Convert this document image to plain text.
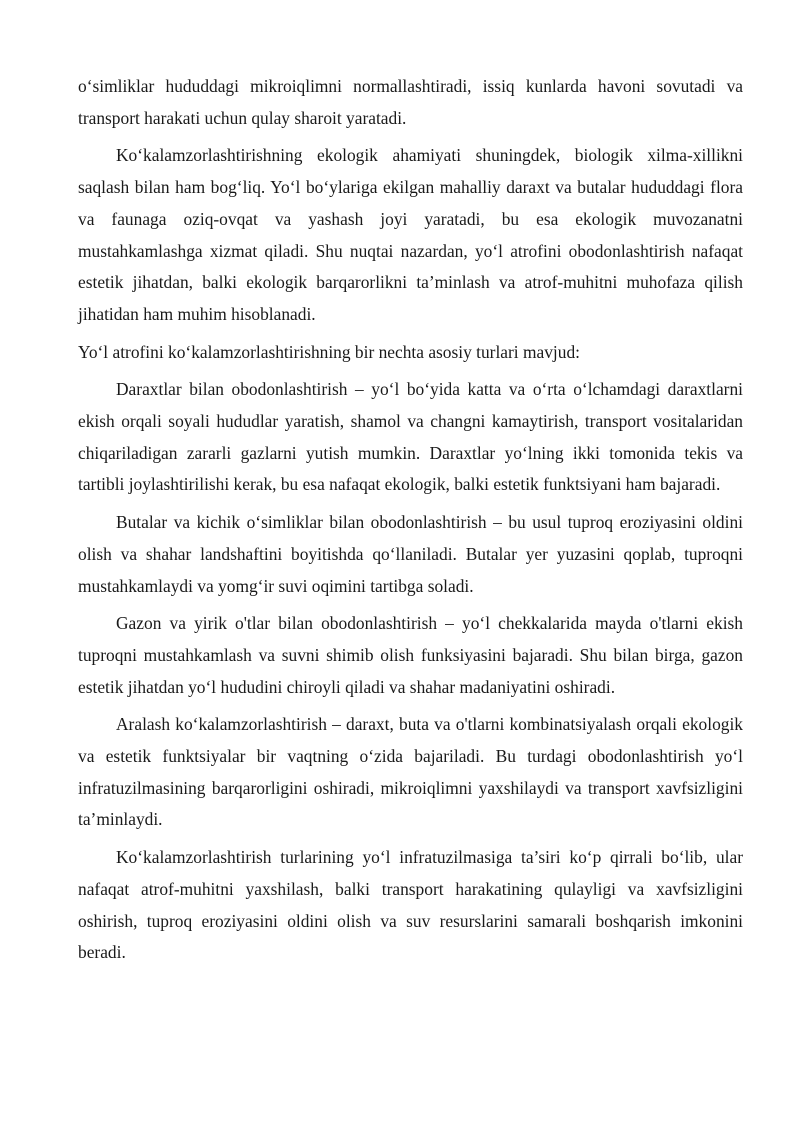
o‘simliklar hududdagi mikroiqlimni normallashtiradi, issiq kunlarda havoni sovutadi va transport harakati uchun qulay sharoit yaratadi.

Ko‘kalamzorlashtirishning ekologik ahamiyati shuningdek, biologik xilma-xillikni saqlash bilan ham bog‘liq. Yo‘l bo‘ylariga ekilgan mahalliy daraxt va butalar hududdagi flora va faunaga oziq-ovqat va yashash joyi yaratadi, bu esa ekologik muvozanatni mustahkamlashga xizmat qiladi. Shu nuqtai nazardan, yo‘l atrofini obodonlashtirish nafaqat estetik jihatdan, balki ekologik barqarorlikni ta’minlash va atrof-muhitni muhofaza qilish jihatidan ham muhim hisoblanadi.

Yo‘l atrofini ko‘kalamzorlashtirishning bir nechta asosiy turlari mavjud:

Daraxtlar bilan obodonlashtirish – yo‘l bo‘yida katta va o‘rta o‘lchamdagi daraxtlarni ekish orqali soyali hududlar yaratish, shamol va changni kamaytirish, transport vositalaridan chiqariladigan zararli gazlarni yutish mumkin. Daraxtlar yo‘lning ikki tomonida tekis va tartibli joylashtirilishi kerak, bu esa nafaqat ekologik, balki estetik funktsiyani ham bajaradi.

Butalar va kichik o‘simliklar bilan obodonlashtirish – bu usul tuproq eroziyasini oldini olish va shahar landshaftini boyitishda qo‘llaniladi. Butalar yer yuzasini qoplab, tuproqni mustahkamlaydi va yomg‘ir suvi oqimini tartibga soladi.

Gazon va yirik o'tlar bilan obodonlashtirish – yo‘l chekkalarida mayda o'tlarni ekish tuproqni mustahkamlash va suvni shimib olish funksiyasini bajaradi. Shu bilan birga, gazon estetik jihatdan yo‘l hududini chiroyli qiladi va shahar madaniyatini oshiradi.

Aralash ko‘kalamzorlashtirish – daraxt, buta va o'tlarni kombinatsiyalash orqali ekologik va estetik funktsiyalar bir vaqtning o‘zida bajariladi. Bu turdagi obodonlashtirish yo‘l infratuzilmasining barqarorligini oshiradi, mikroiqlimni yaxshilaydi va transport xavfsizligini ta’minlaydi.

Ko‘kalamzorlashtirish turlarining yo‘l infratuzilmasiga ta’siri ko‘p qirrali bo‘lib, ular nafaqat atrof-muhitni yaxshilash, balki transport harakatining qulayligi va xavfsizligini oshirish, tuproq eroziyasini oldini olish va suv resurslarini samarali boshqarish imkonini beradi.
